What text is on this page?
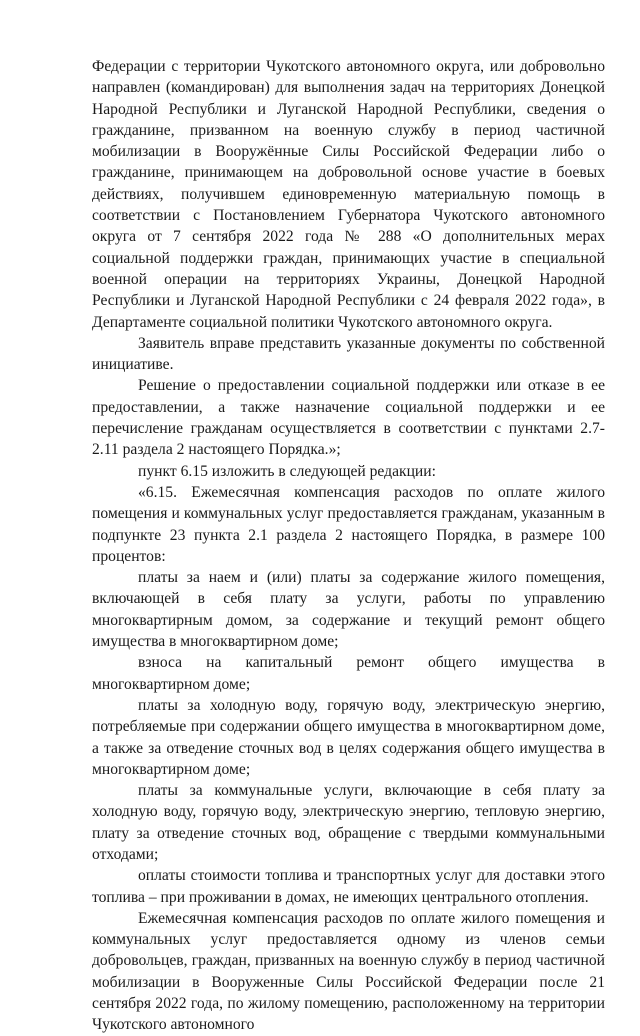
Федерации с территории Чукотского автономного округа, или добровольно направлен (командирован) для выполнения задач на территориях Донецкой Народной Республики и Луганской Народной Республики, сведения о гражданине, призванном на военную службу в период частичной мобилизации в Вооружённые Силы Российской Федерации либо о гражданине, принимающем на добровольной основе участие в боевых действиях, получившем единовременную материальную помощь в соответствии с Постановлением Губернатора Чукотского автономного округа от 7 сентября 2022 года № 288 «О дополнительных мерах социальной поддержки граждан, принимающих участие в специальной военной операции на территориях Украины, Донецкой Народной Республики и Луганской Народной Республики с 24 февраля 2022 года», в Департаменте социальной политики Чукотского автономного округа.

Заявитель вправе представить указанные документы по собственной инициативе.

Решение о предоставлении социальной поддержки или отказе в ее предоставлении, а также назначение социальной поддержки и ее перечисление гражданам осуществляется в соответствии с пунктами 2.7-2.11 раздела 2 настоящего Порядка.»;

пункт 6.15 изложить в следующей редакции:

«6.15. Ежемесячная компенсация расходов по оплате жилого помещения и коммунальных услуг предоставляется гражданам, указанным в подпункте 23 пункта 2.1 раздела 2 настоящего Порядка, в размере 100 процентов:

платы за наем и (или) платы за содержание жилого помещения, включающей в себя плату за услуги, работы по управлению многоквартирным домом, за содержание и текущий ремонт общего имущества в многоквартирном доме;

взноса на капитальный ремонт общего имущества в многоквартирном доме;

платы за холодную воду, горячую воду, электрическую энергию, потребляемые при содержании общего имущества в многоквартирном доме, а также за отведение сточных вод в целях содержания общего имущества в многоквартирном доме;

платы за коммунальные услуги, включающие в себя плату за холодную воду, горячую воду, электрическую энергию, тепловую энергию, плату за отведение сточных вод, обращение с твердыми коммунальными отходами;

оплаты стоимости топлива и транспортных услуг для доставки этого топлива – при проживании в домах, не имеющих центрального отопления.

Ежемесячная компенсация расходов по оплате жилого помещения и коммунальных услуг предоставляется одному из членов семьи добровольцев, граждан, призванных на военную службу в период частичной мобилизации в Вооруженные Силы Российской Федерации после 21 сентября 2022 года, по жилому помещению, расположенному на территории Чукотского автономного
